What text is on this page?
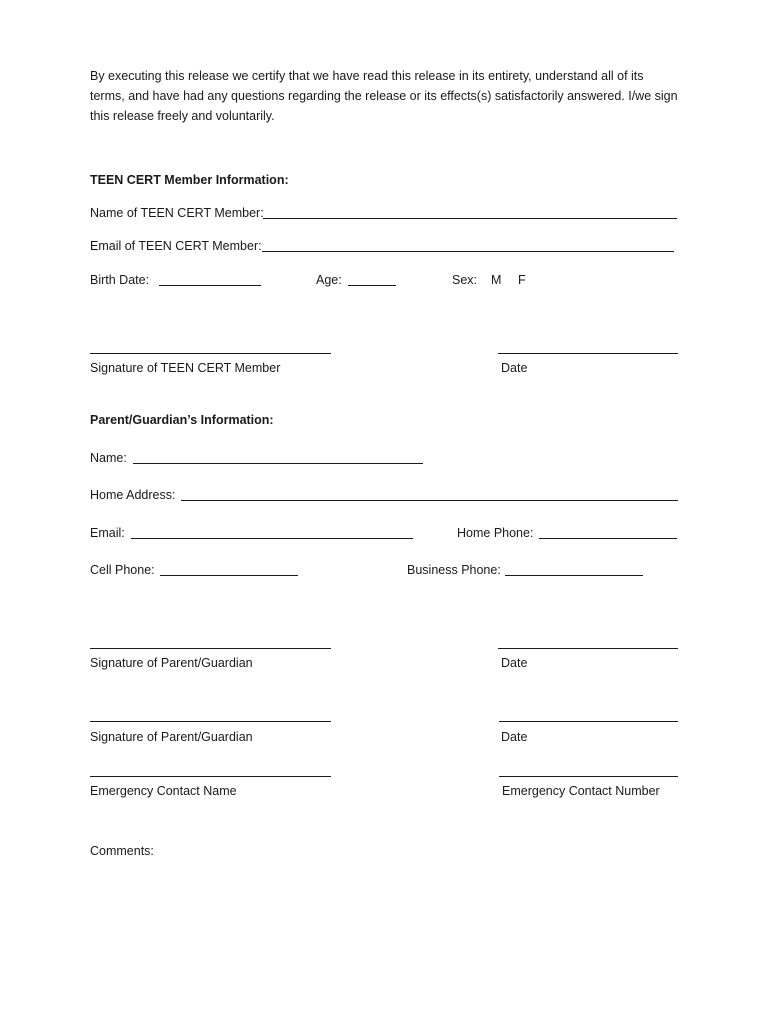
By executing this release we certify that we have read this release in its entirety, understand all of its terms, and have had any questions regarding the release or its effects(s) satisfactorily answered. I/we sign this release freely and voluntarily.
TEEN CERT Member Information:
Name of TEEN CERT Member:
Email of TEEN CERT Member:
Birth Date:	Age:	Sex: M F
Signature of TEEN CERT Member	Date
Parent/Guardian’s Information:
Name:
Home Address:
Email:	Home Phone:
Cell Phone:	Business Phone:
Signature of Parent/Guardian	Date
Signature of Parent/Guardian	Date
Emergency Contact Name	Emergency Contact Number
Comments:
